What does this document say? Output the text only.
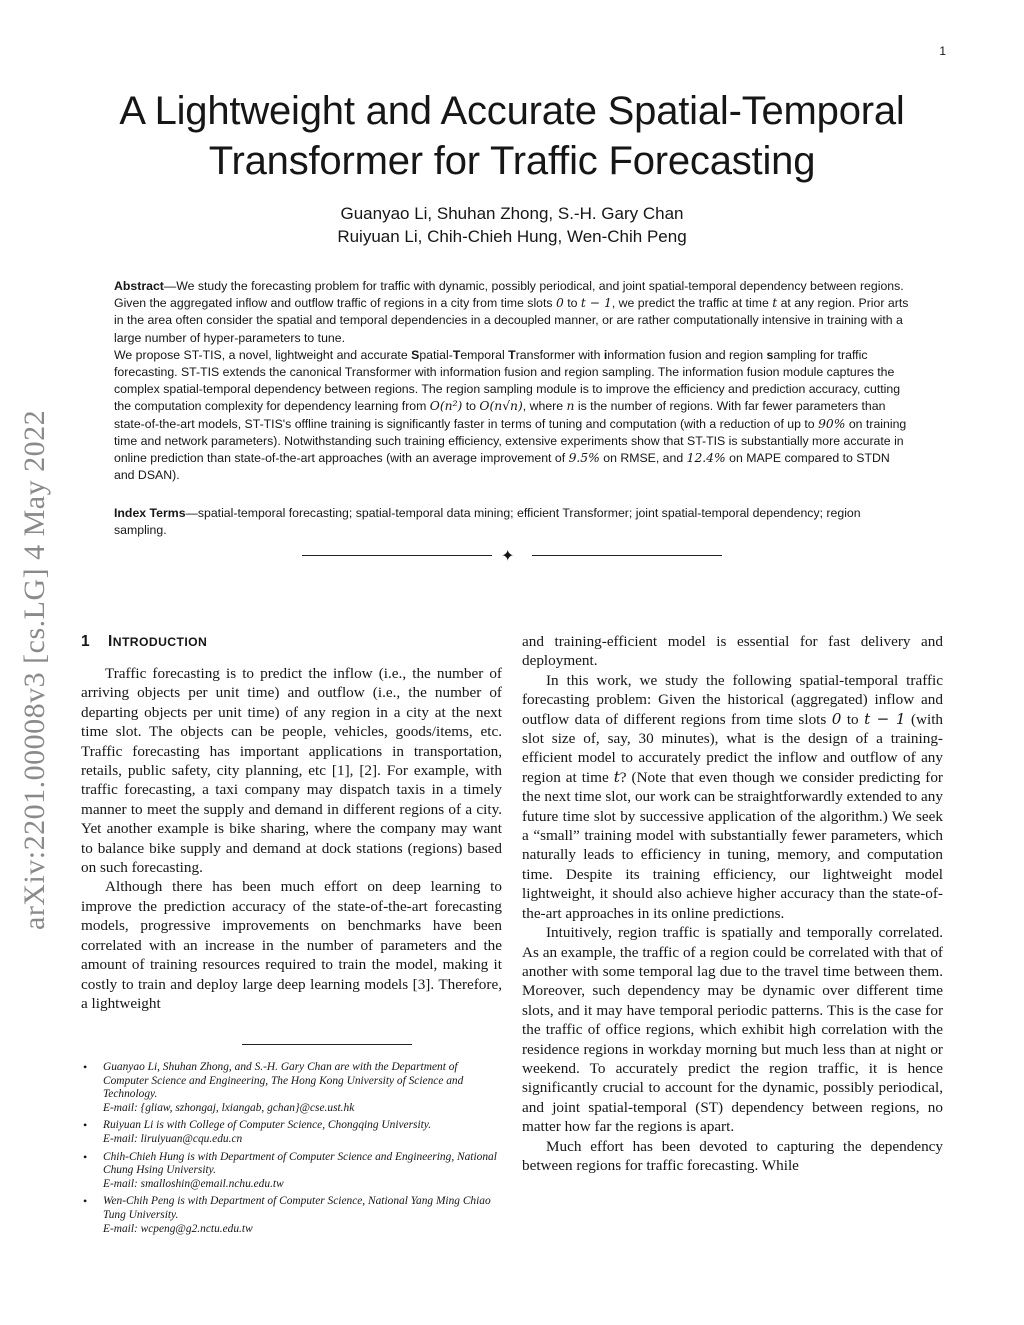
1
arXiv:2201.00008v3 [cs.LG] 4 May 2022
A Lightweight and Accurate Spatial-Temporal
Transformer for Traffic Forecasting
Guanyao Li, Shuhan Zhong, S.-H. Gary Chan
Ruiyuan Li, Chih-Chieh Hung, Wen-Chih Peng

Abstract—We study the forecasting problem for traffic with dynamic, possibly periodical, and joint spatial-temporal dependency between regions. Given the aggregated inflow and outflow traffic of regions in a city from time slots 0 to t − 1, we predict the traffic at time t at any region. Prior arts in the area often consider the spatial and temporal dependencies in a decoupled manner, or are rather computationally intensive in training with a large number of hyper-parameters to tune.

We propose ST-TIS, a novel, lightweight and accurate Spatial-Temporal Transformer with information fusion and region sampling for traffic forecasting. ST-TIS extends the canonical Transformer with information fusion and region sampling. The information fusion module captures the complex spatial-temporal dependency between regions. The region sampling module is to improve the efficiency and prediction accuracy, cutting the computation complexity for dependency learning from O(n²) to O(n√n), where n is the number of regions. With far fewer parameters than state-of-the-art models, ST-TIS's offline training is significantly faster in terms of tuning and computation (with a reduction of up to 90% on training time and network parameters). Notwithstanding such training efficiency, extensive experiments show that ST-TIS is substantially more accurate in online prediction than state-of-the-art approaches (with an average improvement of 9.5% on RMSE, and 12.4% on MAPE compared to STDN and DSAN).

Index Terms—spatial-temporal forecasting; spatial-temporal data mining; efficient Transformer; joint spatial-temporal dependency; region sampling.
✦
1 INTRODUCTION

Traffic forecasting is to predict the inflow (i.e., the number of arriving objects per unit time) and outflow (i.e., the number of departing objects per unit time) of any region in a city at the next time slot. The objects can be people, vehicles, goods/items, etc. Traffic forecasting has important applications in transportation, retails, public safety, city planning, etc [1], [2]. For example, with traffic forecasting, a taxi company may dispatch taxis in a timely manner to meet the supply and demand in different regions of a city. Yet another example is bike sharing, where the company may want to balance bike supply and demand at dock stations (regions) based on such forecasting.

Although there has been much effort on deep learning to improve the prediction accuracy of the state-of-the-art forecasting models, progressive improvements on benchmarks have been correlated with an increase in the number of parameters and the amount of training resources required to train the model, making it costly to train and deploy large deep learning models [3]. Therefore, a lightweight

• Guanyao Li, Shuhan Zhong, and S.-H. Gary Chan are with the Department of Computer Science and Engineering, The Hong Kong University of Science and Technology.
E-mail: {gliaw, szhongaj, lxiangab, gchan}@cse.ust.hk
• Ruiyuan Li is with College of Computer Science, Chongqing University.
E-mail: liruiyuan@cqu.edu.cn
• Chih-Chieh Hung is with Department of Computer Science and Engineering, National Chung Hsing University.
E-mail: smalloshin@email.nchu.edu.tw
• Wen-Chih Peng is with Department of Computer Science, National Yang Ming Chiao Tung University.
E-mail: wcpeng@g2.nctu.edu.tw

and training-efficient model is essential for fast delivery and deployment.

In this work, we study the following spatial-temporal traffic forecasting problem: Given the historical (aggregated) inflow and outflow data of different regions from time slots 0 to t − 1 (with slot size of, say, 30 minutes), what is the design of a training-efficient model to accurately predict the inflow and outflow of any region at time t? (Note that even though we consider predicting for the next time slot, our work can be straightforwardly extended to any future time slot by successive application of the algorithm.) We seek a “small” training model with substantially fewer parameters, which naturally leads to efficiency in tuning, memory, and computation time. Despite its training efficiency, our lightweight model lightweight, it should also achieve higher accuracy than the state-of-the-art approaches in its online predictions.

Intuitively, region traffic is spatially and temporally correlated. As an example, the traffic of a region could be correlated with that of another with some temporal lag due to the travel time between them. Moreover, such dependency may be dynamic over different time slots, and it may have temporal periodic patterns. This is the case for the traffic of office regions, which exhibit high correlation with the residence regions in workday morning but much less than at night or weekend. To accurately predict the region traffic, it is hence significantly crucial to account for the dynamic, possibly periodical, and joint spatial-temporal (ST) dependency between regions, no matter how far the regions is apart.

Much effort has been devoted to capturing the dependency between regions for traffic forecasting. While
